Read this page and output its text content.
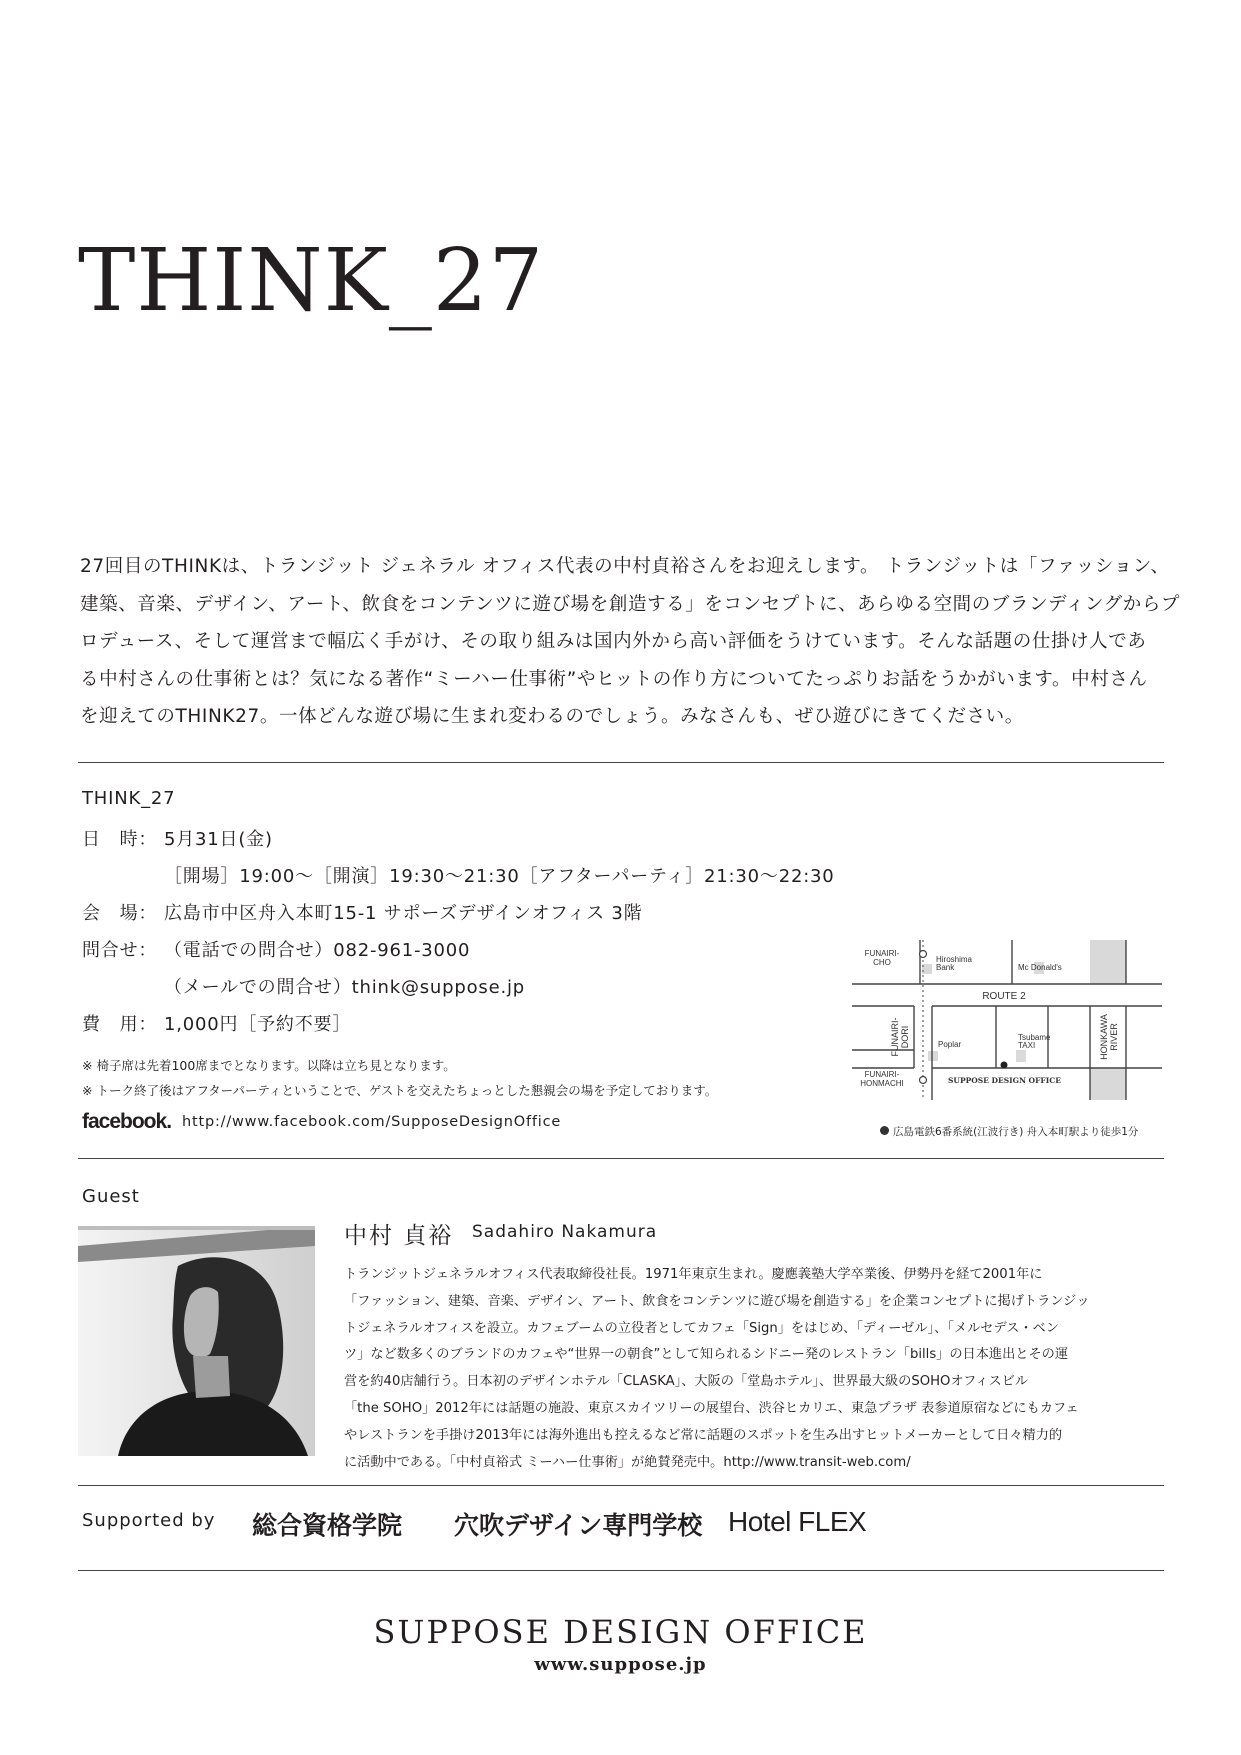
THINK_27
27回目のTHINKは、トランジット ジェネラル オフィス代表の中村貞裕さんをお迎えします。 トランジットは「ファッション、
建築、音楽、デザイン、アート、飲食をコンテンツに遊び場を創造する」をコンセプトに、あらゆる空間のブランディングからプ
ロデュース、そして運営まで幅広く手がけ、その取り組みは国内外から高い評価をうけています。そんな話題の仕掛け人であ
る中村さんの仕事術とは？気になる著作“ミーハー仕事術”やヒットの作り方についてたっぷりお話をうかがいます。中村さん
を迎えてのTHINK27。一体どんな遊び場に生まれ変わるのでしょう。みなさんも、ぜひ遊びにきてください。
THINK_27
日　時： 5月31日(金)
［開場］19:00～［開演］19:30～21:30［アフターパーティ］21:30～22:30
会　場： 広島市中区舟入本町15-1 サポーズデザインオフィス 3階
問合せ： （電話での問合せ）082-961-3000
（メールでの問合せ）think@suppose.jp
費　用： 1,000円［予約不要］
※ 椅子席は先着100席までとなります。以降は立ち見となります。
※ トーク終了後はアフターパーティということで、ゲストを交えたちょっとした懇親会の場を予定しております。
facebook. http://www.facebook.com/SupposeDesignOffice
FUNAIRI-
CHO	Hiroshima
Bank	Mc Donald's
ROUTE 2
FUNAIRI- DORI	Poplar
Tsubame
TAXI	HONKAWA RIVER
FUNAIRI-
HONMACHI	SUPPOSE DESIGN OFFICE
広島電鉄6番系統(江波行き) 舟入本町駅より徒歩1分
Guest
中村 貞裕 Sadahiro Nakamura
トランジットジェネラルオフィス代表取締役社長。1971年東京生まれ。慶應義塾大学卒業後、伊勢丹を経て2001年に
「ファッション、建築、音楽、デザイン、アート、飲食をコンテンツに遊び場を創造する」を企業コンセプトに掲げトランジッ
トジェネラルオフィスを設立。カフェブームの立役者としてカフェ「Sign」をはじめ、「ディーゼル」、「メルセデス・ベン
ツ」など数多くのブランドのカフェや“世界一の朝食”として知られるシドニー発のレストラン「bills」の日本進出とその運
営を約40店舗行う。日本初のデザインホテル「CLASKA」、大阪の「堂島ホテル」、世界最大級のSOHOオフィスビル
「the SOHO」2012年には話題の施設、東京スカイツリーの展望台、渋谷ヒカリエ、東急プラザ 表参道原宿などにもカフェ
やレストランを手掛け2013年には海外進出も控えるなど常に話題のスポットを生み出すヒットメーカーとして日々精力的
に活動中である。「中村貞裕式 ミーハー仕事術」が絶賛発売中。http://www.transit-web.com/
Supported by 総合資格学院 穴吹デザイン専門学校 Hotel FLEX
SUPPOSE DESIGN OFFICE
www.suppose.jp
